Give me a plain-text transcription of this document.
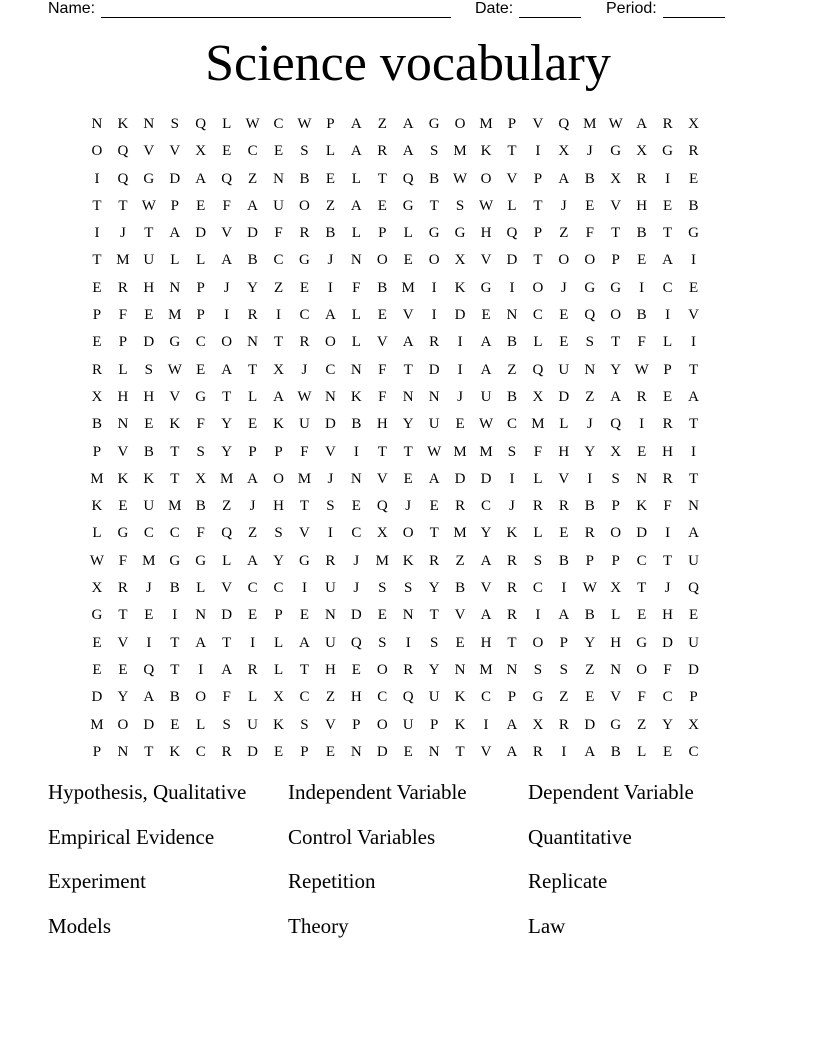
Name:	Date:	Period:
Science vocabulary
N	K	N	S	Q	L W C W P	A	Z	A	G	O M	P	V	Q M W A	R	X
O	Q	V	V	X	E	C	E	S	L	A	R	A	S	M K	T	I	X	J	G	X	G	R
I	Q	G	D	A	Q	Z	N	B	E	L	T	Q	B W O	V	P	A	B	X	R	I	E
T	T W P	E	F	A	U	O	Z	A	E	G	T	S W L	T	J	E	V	H	E	B
I	J	T	A	D	V	D	F	R	B	L	P	L	G	G	H	Q	P	Z	F	T	B	T	G
T M U	L	L	A	B	C	G	J	N	O	E	O	X	V	D	T	O	O	P	E	A	I
E	R	H	N	P	J	Y	Z	E	I	F	B M	I	K	G	I	O	J	G	G	I	C	E
P	F	E M	P	I	R	I	C	A	L	E	V	I	D	E	N	C	E	Q	O	B	I	V
E	P	D	G	C	O	N	T	R	O	L	V	A	R	I	A	B	L	E	S	T	F	L	I
R	L	S W E	A	T	X	J	C	N	F	T	D	I	A	Z	Q	U	N	Y W P	T
X	H	H	V	G	T	L	A W N	K	F	N	N	J	U	B	X	D	Z	A	R	E	A
B	N	E	K	F	Y	E	K	U	D	B	H	Y	U	E W C M L	J	Q	I	R	T
P	V	B	T	S	Y	P	P	F	V	I	T	T W M M	S	F	H	Y	X	E	H	I
M K	K	T	X M A	O M	J	N	V	E	A	D	D	I	L	V	I	S	N	R	T
K	E	U M B	Z	J	H	T	S	E	Q	J	E	R	C	J	R	R	B	P	K	F	N
L	G	C	C	F	Q	Z	S	V	I	C	X	O	T M Y	K	L	E	R	O	D	I	A
W F	M G	G	L	A	Y	G	R	J	M K	R	Z	A	R	S	B	P	P	C	T	U
X	R	J	B	L	V	C	C	I	U	J	S	S	Y	B	V	R	C	I	W X	T	J	Q
G	T	E	I	N	D	E	P	E	N	D	E	N	T	V	A	R	I	A	B	L	E	H	E
E	V	I	T	A	T	I	L	A	U	Q	S	I	S	E	H	T	O	P	Y	H	G	D	U
E	E	Q	T	I	A	R	L	T	H	E	O	R	Y	N M N	S	S	Z	N	O	F	D
D	Y	A	B	O	F	L	X	C	Z	H	C	Q	U	K	C	P	G	Z	E	V	F	C	P
M O	D	E	L	S	U	K	S	V	P	O	U	P	K	I	A	X	R	D	G	Z	Y	X
P	N	T	K	C	R	D	E	P	E	N	D	E	N	T	V	A	R	I	A	B	L	E	C
Hypothesis, Qualitative	Independent Variable	Dependent Variable
Empirical Evidence	Control Variables	Quantitative
Experiment	Repetition	Replicate
Models	Theory	Law
